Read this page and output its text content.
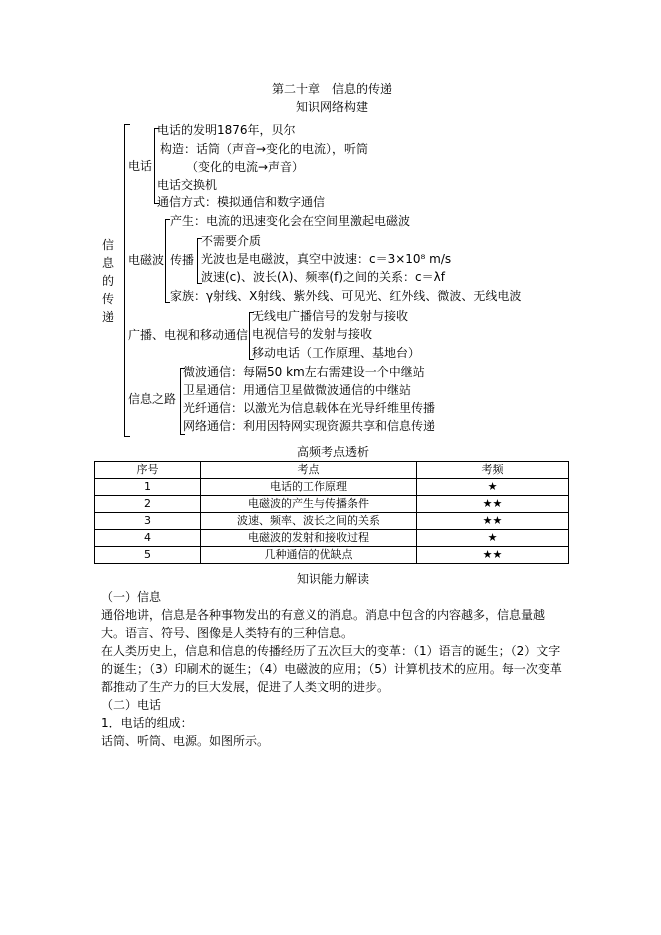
第二十章　信息的传递
知识网络构建
信
息
的
传
递
电话
电话的发明1876年，贝尔
构造：话筒（声音→变化的电流），听筒
（变化的电流→声音）
电话交换机
通信方式：模拟通信和数字通信
电磁波
产生：电流的迅速变化会在空间里激起电磁波
传播
不需要介质
光波也是电磁波，真空中波速：c＝3×10⁸ m/s
波速(c)、波长(λ)、频率(f)之间的关系：c＝λf
家族：γ射线、X射线、紫外线、可见光、红外线、微波、无线电波
广播、电视和移动通信
无线电广播信号的发射与接收
电视信号的发射与接收
移动电话（工作原理、基地台）
信息之路
微波通信：每隔50 km左右需建设一个中继站
卫星通信：用通信卫星做微波通信的中继站
光纤通信：以激光为信息载体在光导纤维里传播
网络通信：利用因特网实现资源共享和信息传递
高频考点透析
序号	考点	考频
1	电话的工作原理	★
2	电磁波的产生与传播条件	★★
3	波速、频率、波长之间的关系	★★
4	电磁波的发射和接收过程	★
5	几种通信的优缺点	★★
知识能力解读
（一）信息
通俗地讲，信息是各种事物发出的有意义的消息。消息中包含的内容越多，信息量越大。语言、符号、图像是人类特有的三种信息。
在人类历史上，信息和信息的传播经历了五次巨大的变革：（1）语言的诞生；（2）文字的诞生；（3）印刷术的诞生；（4）电磁波的应用；（5）计算机技术的应用。每一次变革都推动了生产力的巨大发展，促进了人类文明的进步。
（二）电话
1．电话的组成：
话筒、听筒、电源。如图所示。
